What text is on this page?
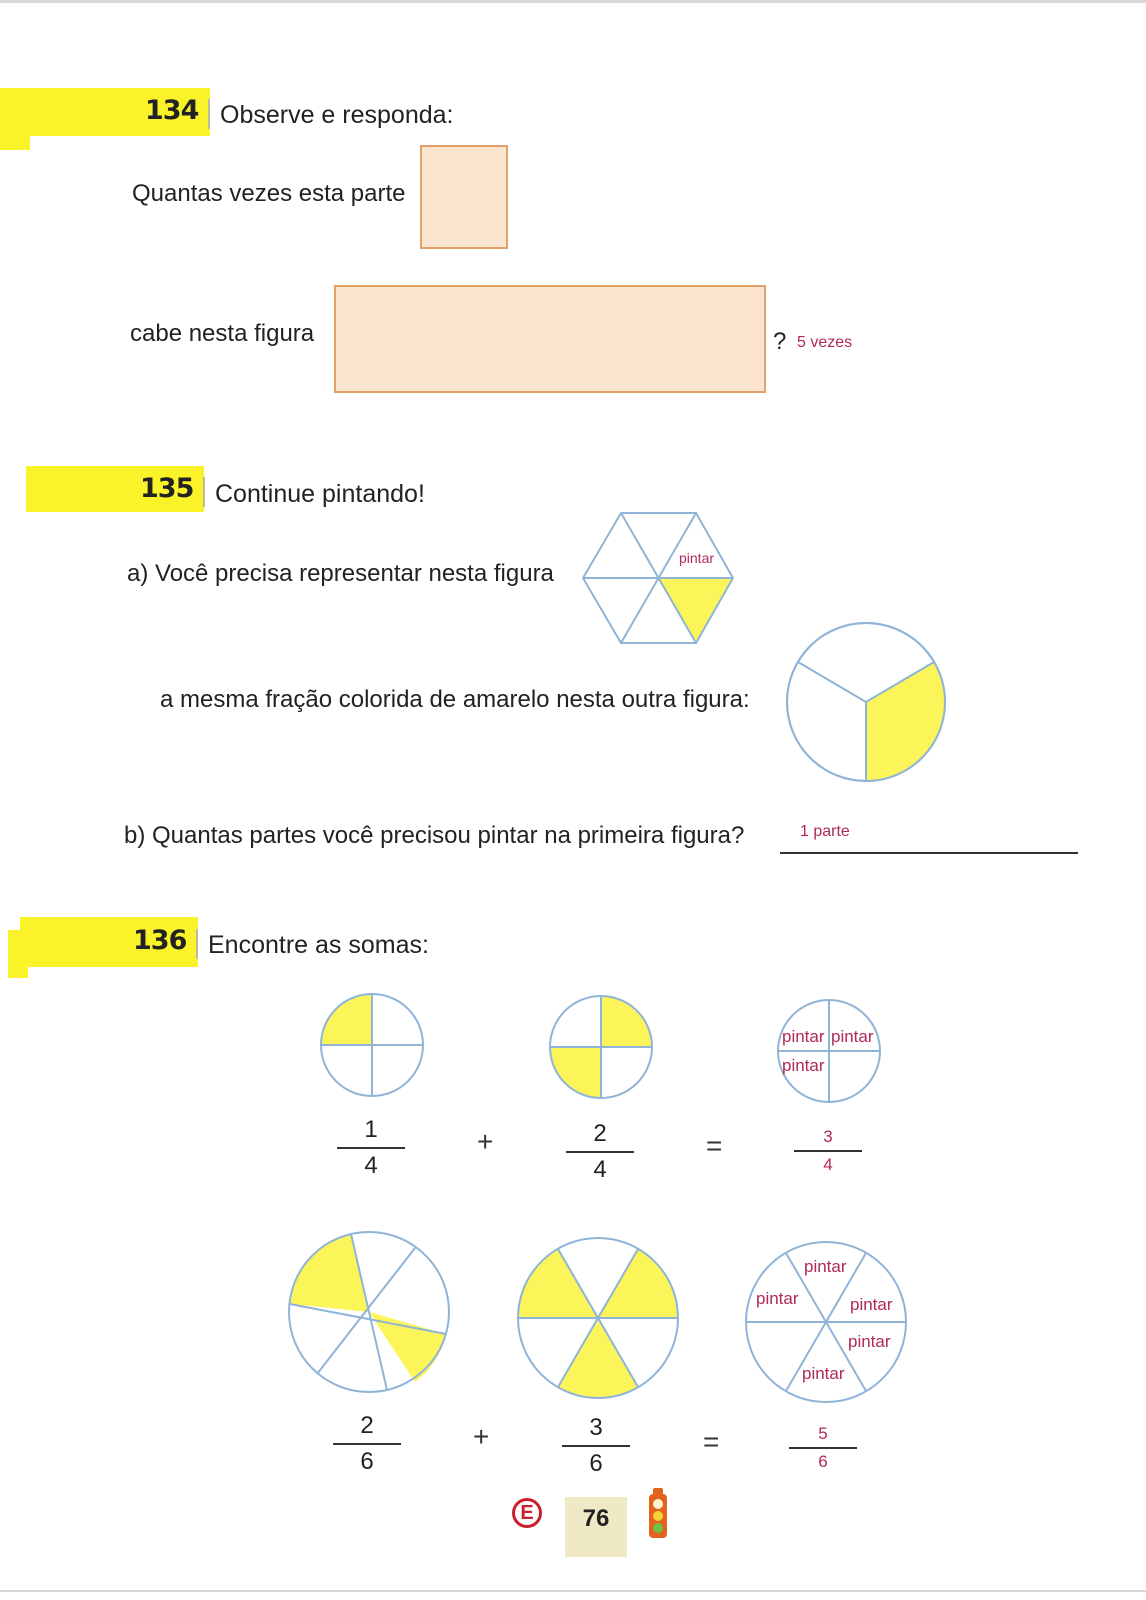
134 Observe e responda:
Quantas vezes esta parte
cabe nesta figura	? 5 vezes
135 Continue pintando!
a) Você precisa representar nesta figura
pintar
a mesma fração colorida de amarelo nesta outra figura:
b) Quantas partes você precisou pintar na primeira figura?	1 parte
136 Encontre as somas:
pintar pintar
pintar
1
4
+	2
4
=	3
4
pintar
pintar	pintar
pintar
pintar
2
6
+	3
6
=	5
6
E	76
